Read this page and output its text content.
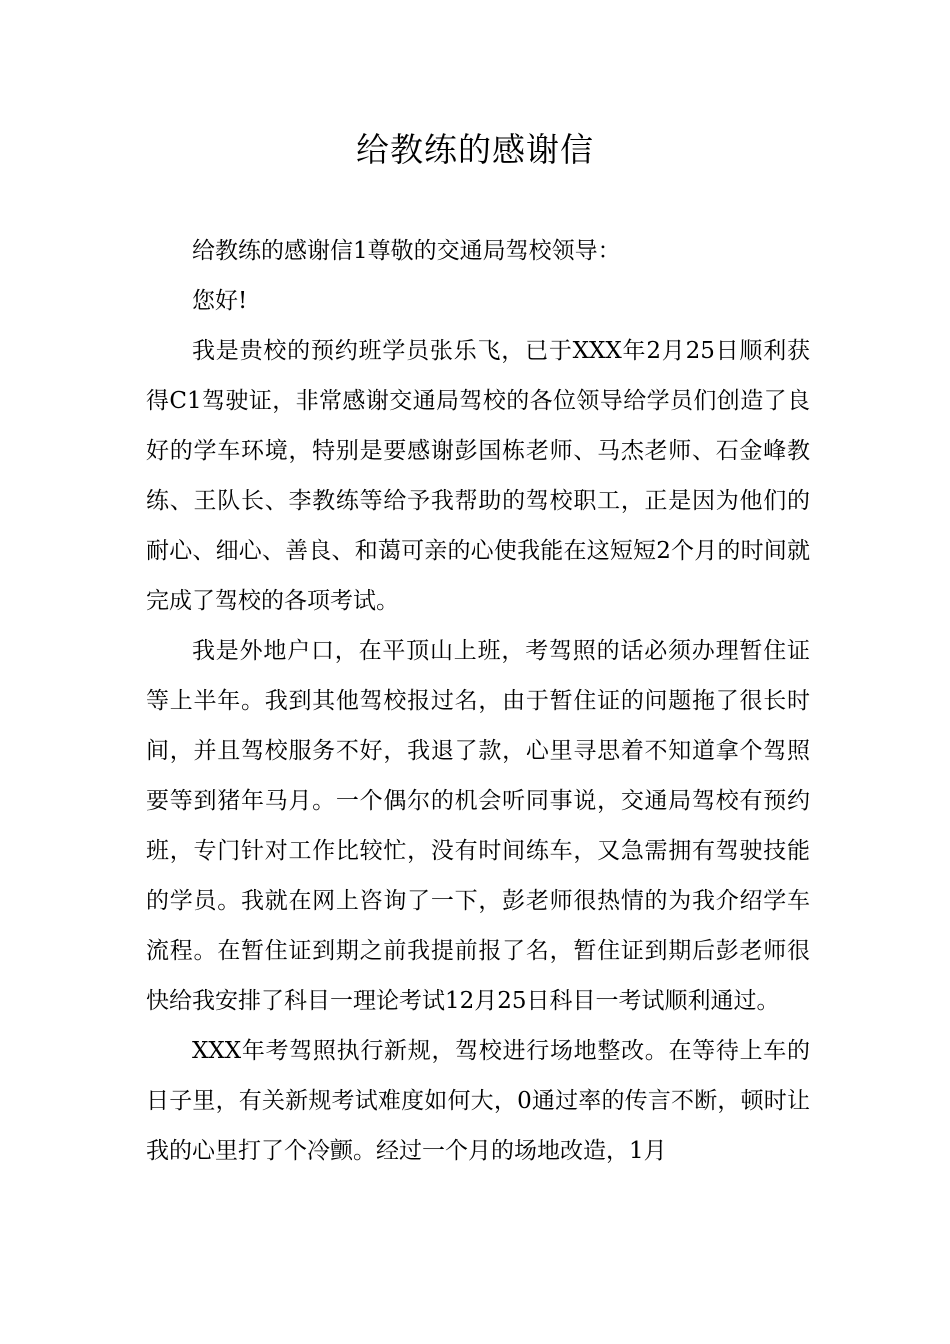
给教练的感谢信

给教练的感谢信1尊敬的交通局驾校领导：

您好!

我是贵校的预约班学员张乐飞，已于XXX年2月25日顺利获得C1驾驶证，非常感谢交通局驾校的各位领导给学员们创造了良好的学车环境，特别是要感谢彭国栋老师、马杰老师、石金峰教练、王队长、李教练等给予我帮助的驾校职工，正是因为他们的耐心、细心、善良、和蔼可亲的心使我能在这短短2个月的时间就完成了驾校的各项考试。

我是外地户口，在平顶山上班，考驾照的话必须办理暂住证等上半年。我到其他驾校报过名，由于暂住证的问题拖了很长时间，并且驾校服务不好，我退了款，心里寻思着不知道拿个驾照要等到猪年马月。一个偶尔的机会听同事说，交通局驾校有预约班，专门针对工作比较忙，没有时间练车，又急需拥有驾驶技能的学员。我就在网上咨询了一下，彭老师很热情的为我介绍学车流程。在暂住证到期之前我提前报了名，暂住证到期后彭老师很快给我安排了科目一理论考试12月25日科目一考试顺利通过。

XXX年考驾照执行新规，驾校进行场地整改。在等待上车的日子里，有关新规考试难度如何大，0通过率的传言不断，顿时让我的心里打了个冷颤。经过一个月的场地改造，1月
